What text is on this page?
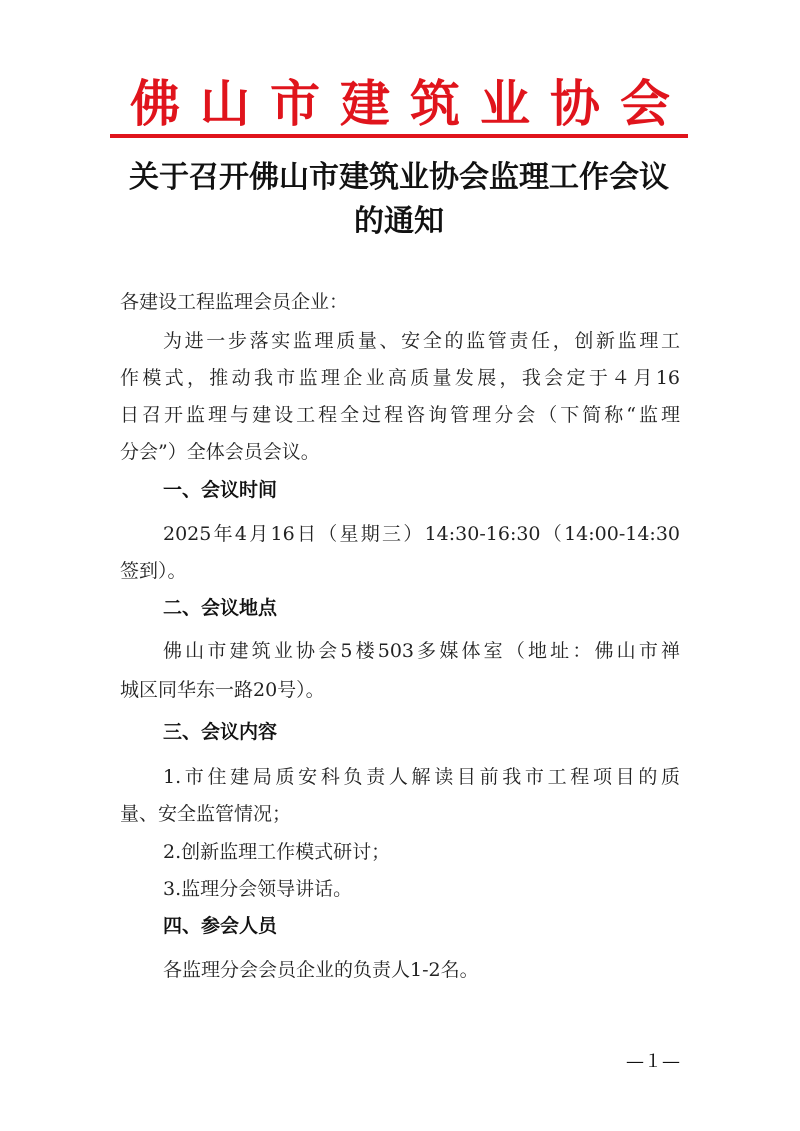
佛山市建筑业协会
关于召开佛山市建筑业协会监理工作会议
的通知
各建设工程监理会员企业：
为进一步落实监理质量、安全的监管责任，创新监理工
作模式，推动我市监理企业高质量发展，我会定于４月16
日召开监理与建设工程全过程咨询管理分会（下简称“监理
分会”）全体会员会议。
一、会议时间
2025年4月16日（星期三）14:30-16:30（14:00-14:30
签到）。
二、会议地点
佛山市建筑业协会5楼503多媒体室（地址：佛山市禅
城区同华东一路20号）。
三、会议内容
1.市住建局质安科负责人解读目前我市工程项目的质
量、安全监管情况；
2.创新监理工作模式研讨；
3.监理分会领导讲话。
四、参会人员
各监理分会会员企业的负责人1-2名。
—１—
